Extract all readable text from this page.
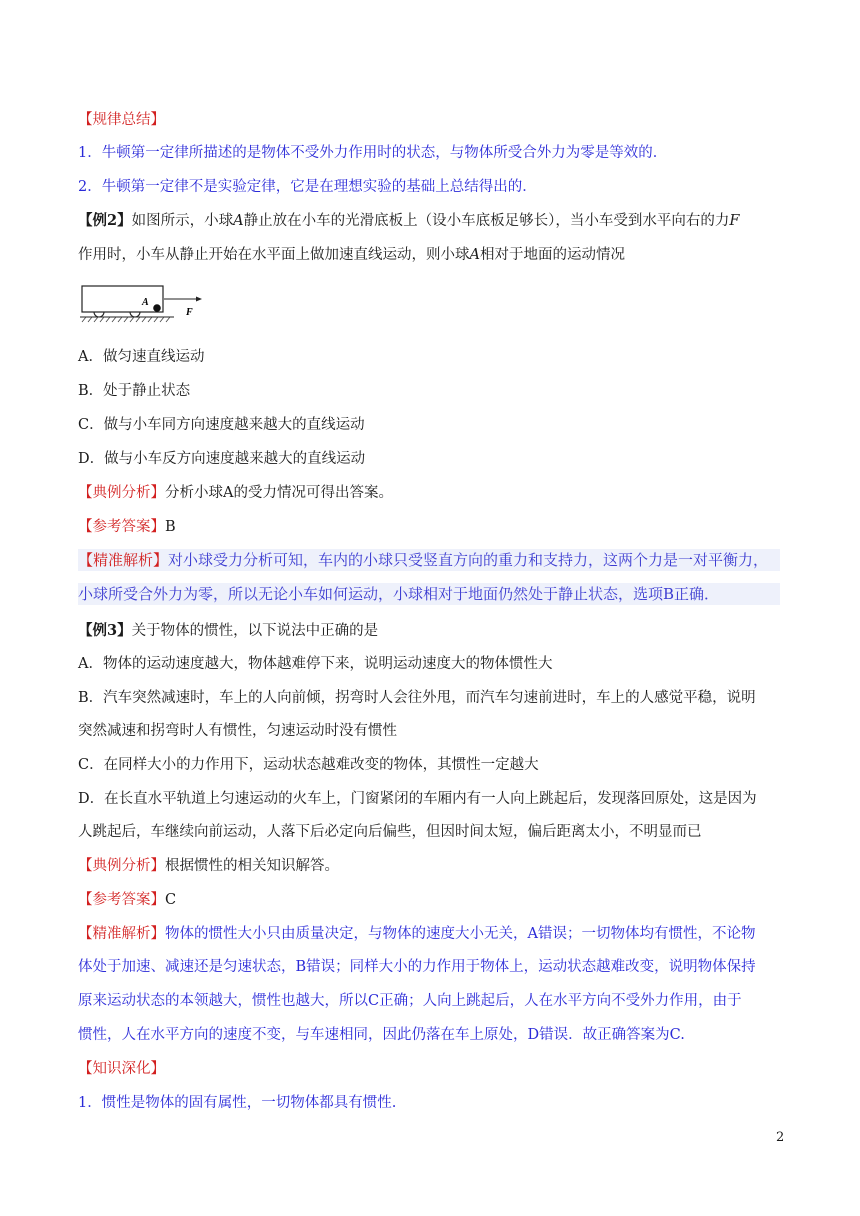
【规律总结】
1．牛顿第一定律所描述的是物体不受外力作用时的状态，与物体所受合外力为零是等效的．
2．牛顿第一定律不是实验定律，它是在理想实验的基础上总结得出的．
【例2】如图所示，小球A静止放在小车的光滑底板上（设小车底板足够长），当小车受到水平向右的力F
作用时，小车从静止开始在水平面上做加速直线运动，则小球A相对于地面的运动情况
A
F
A．做匀速直线运动
B．处于静止状态
C．做与小车同方向速度越来越大的直线运动
D．做与小车反方向速度越来越大的直线运动
【典例分析】分析小球A的受力情况可得出答案。
【参考答案】B
【精准解析】对小球受力分析可知，车内的小球只受竖直方向的重力和支持力，这两个力是一对平衡力，
小球所受合外力为零，所以无论小车如何运动，小球相对于地面仍然处于静止状态，选项B正确．
【例3】关于物体的惯性，以下说法中正确的是
A．物体的运动速度越大，物体越难停下来，说明运动速度大的物体惯性大
B．汽车突然减速时，车上的人向前倾，拐弯时人会往外甩，而汽车匀速前进时，车上的人感觉平稳，说明
突然减速和拐弯时人有惯性，匀速运动时没有惯性
C．在同样大小的力作用下，运动状态越难改变的物体，其惯性一定越大
D．在长直水平轨道上匀速运动的火车上，门窗紧闭的车厢内有一人向上跳起后，发现落回原处，这是因为
人跳起后，车继续向前运动，人落下后必定向后偏些，但因时间太短，偏后距离太小，不明显而已
【典例分析】根据惯性的相关知识解答。
【参考答案】C
【精准解析】物体的惯性大小只由质量决定，与物体的速度大小无关，A错误；一切物体均有惯性，不论物
体处于加速、减速还是匀速状态，B错误；同样大小的力作用于物体上，运动状态越难改变，说明物体保持
原来运动状态的本领越大，惯性也越大，所以C正确；人向上跳起后，人在水平方向不受外力作用，由于
惯性，人在水平方向的速度不变，与车速相同，因此仍落在车上原处，D错误．故正确答案为C.
【知识深化】
1．惯性是物体的固有属性，一切物体都具有惯性.
2
